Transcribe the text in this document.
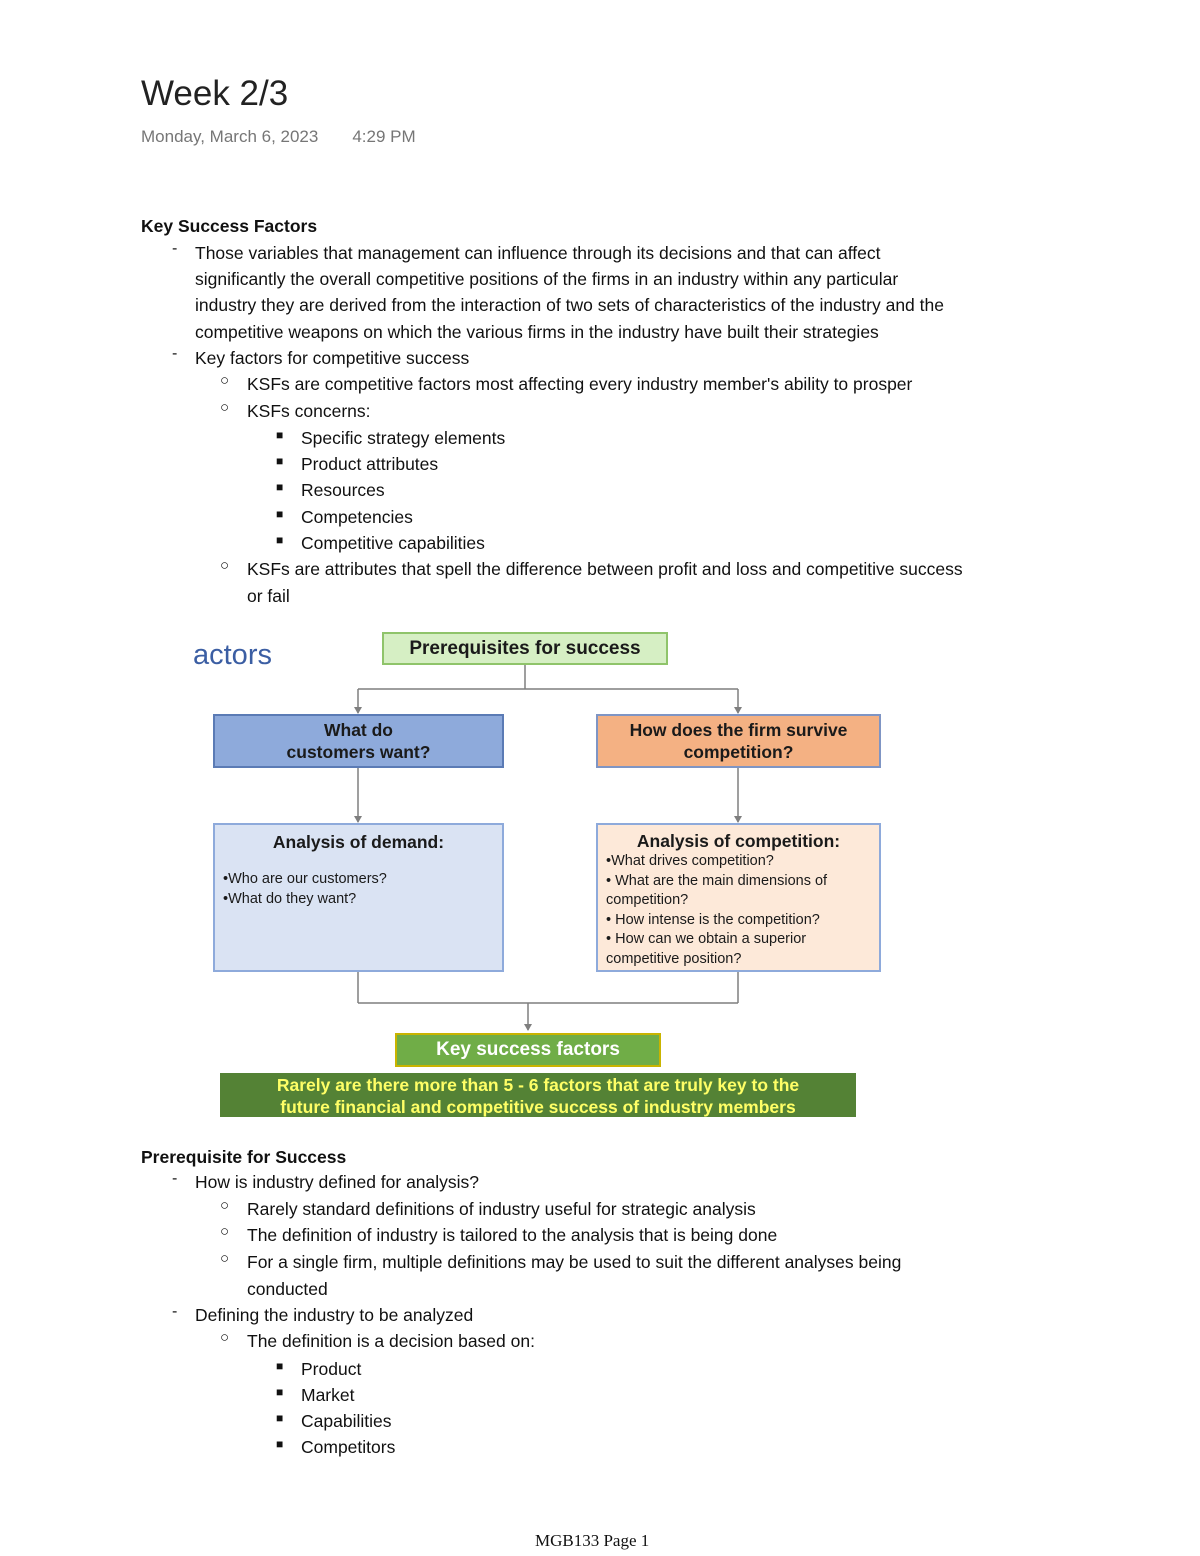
Week 2/3
Monday, March 6, 2023 4:29 PM
Key Success Factors
- Those variables that management can influence through its decisions and that can affect
significantly the overall competitive positions of the firms in an industry within any particular
industry they are derived from the interaction of two sets of characteristics of the industry and the
competitive weapons on which the various firms in the industry have built their strategies
- Key factors for competitive success
○ KSFs are competitive factors most affecting every industry member's ability to prosper
○ KSFs concerns:
■ Specific strategy elements
■ Product attributes
■ Resources
■ Competencies
■ Competitive capabilities
○ KSFs are attributes that spell the difference between profit and loss and competitive success
or fail
actors	Prerequisites for success
What do
customers want?
How does the firm survive
competition?
Analysis of demand:
•Who are our customers?
•What do they want?
Analysis of competition:
•What drives competition?
• What are the main dimensions of
competition?
• How intense is the competition?
• How can we obtain a superior
competitive position?
Key success factors
Rarely are there more than 5 - 6 factors that are truly key to the
future financial and competitive success of industry members
Prerequisite for Success
- How is industry defined for analysis?
○ Rarely standard definitions of industry useful for strategic analysis
○ The definition of industry is tailored to the analysis that is being done
○ For a single firm, multiple definitions may be used to suit the different analyses being
conducted
- Defining the industry to be analyzed
○ The definition is a decision based on:
■ Product
■ Market
■ Capabilities
■ Competitors
MGB133 Page 1
